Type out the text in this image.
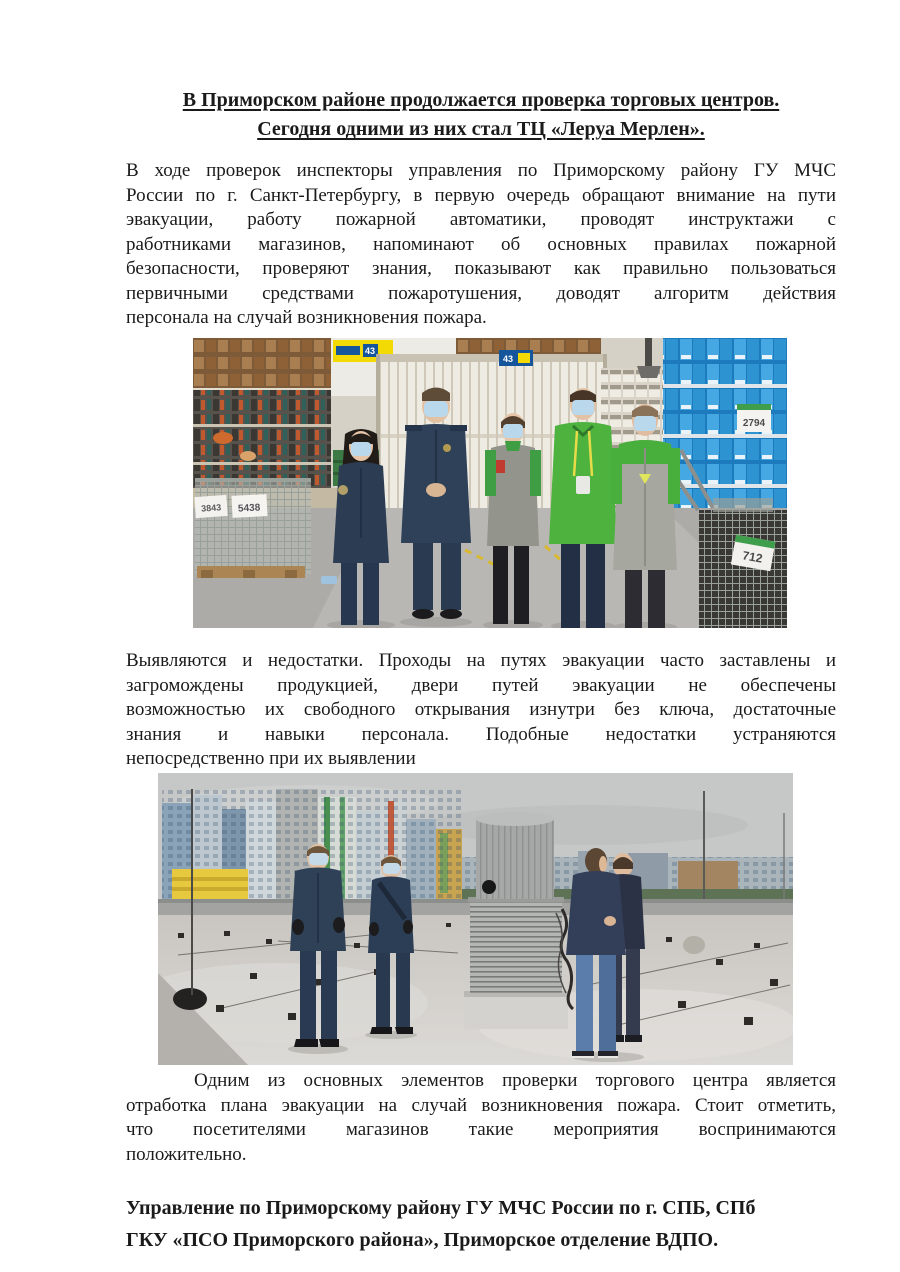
В Приморском районе продолжается проверка торговых центров.
Сегодня одними из них стал ТЦ «Леруа Мерлен».
В ходе проверок инспекторы управления по Приморскому району ГУ МЧС
России по г. Санкт-Петербургу, в первую очередь обращают внимание на пути
эвакуации, работу пожарной автоматики, проводят инструктажи с
работниками магазинов, напоминают об основных правилах пожарной
безопасности, проверяют знания, показывают как правильно пользоваться
первичными средствами пожаротушения, доводят алгоритм действия
персонала на случай возникновения пожара.
43
43
2794
3843 5438
712
Выявляются и недостатки. Проходы на путях эвакуации часто заставлены и
загромождены продукцией, двери путей эвакуации не обеспечены
возможностью их свободного открывания изнутри без ключа, достаточные
знания и навыки персонала. Подобные недостатки устраняются
непосредственно при их выявлении
Одним из основных элементов проверки торгового центра является
отработка плана эвакуации на случай возникновения пожара. Стоит отметить,
что посетителями магазинов такие мероприятия воспринимаются
положительно.
Управление по Приморскому району ГУ МЧС России по г. СПБ, СПб
ГКУ «ПСО Приморского района», Приморское отделение ВДПО.
